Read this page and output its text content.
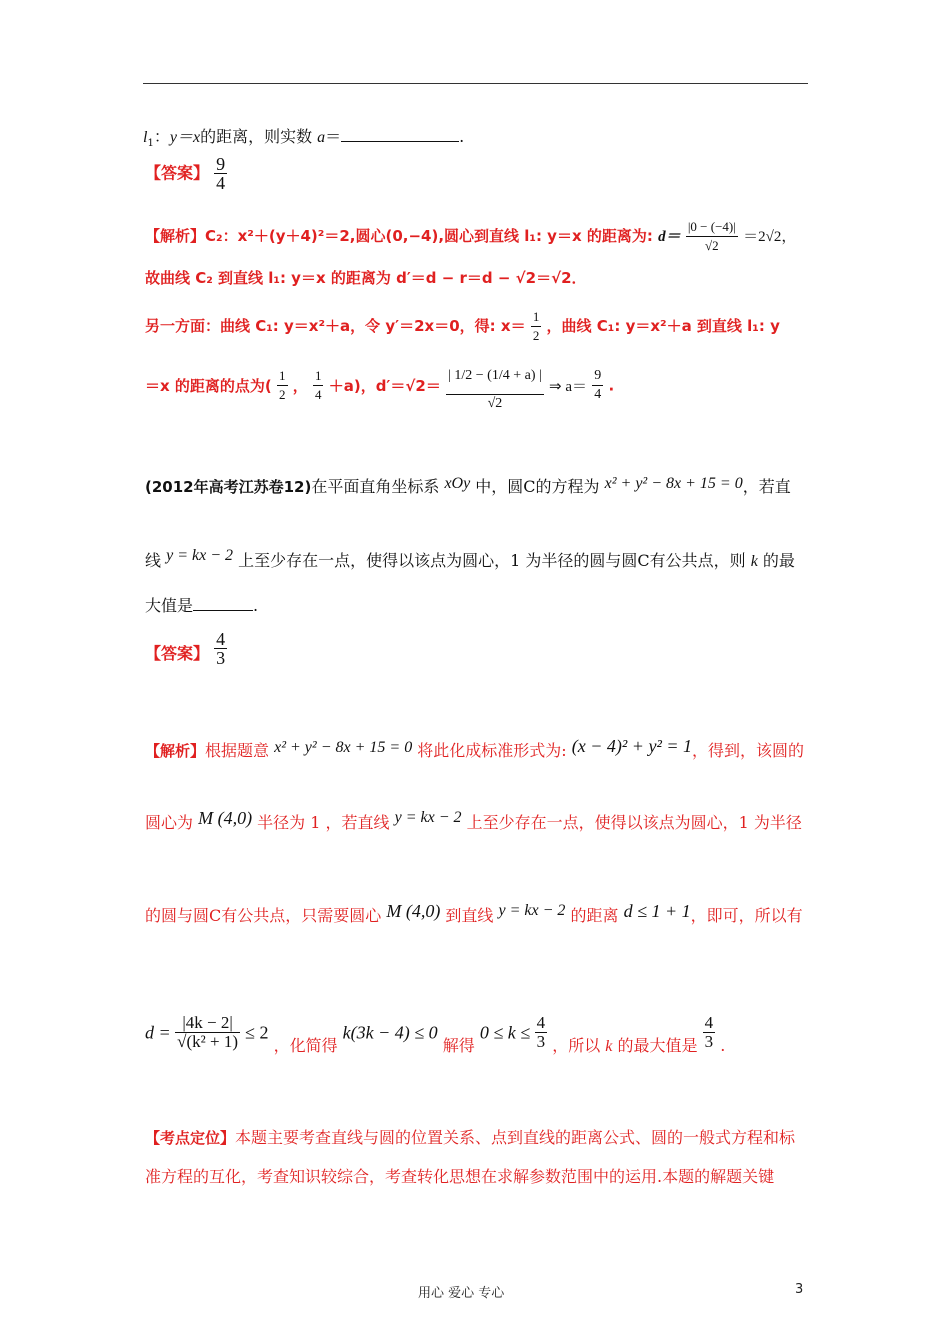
$l_1$：y＝x的距离，则实数 a＝	.
【答案】 $\frac{9}{4}$
【解析】C₂：x²＋(y＋4)²＝2,圆心(0,−4),圆心到直线 l₁: y＝x 的距离为: $d= \frac{|0 - (-4)|}{√2} =2√2$，
故曲线 C₂ 到直线 l₁: y＝x 的距离为 d′＝d − r＝d − √2＝√2．
另一方面：曲线 C₁: y＝x²＋a，令 y′＝2x＝0，得: $x= \frac{1}{2}$ ，曲线 C₁: y＝x²＋a 到直线 l₁: y
＝x 的距离的点为( $\frac{1}{2}$ ， $\frac{1}{4} +a$)，$d'=√2= \frac{| 1/2 - (1/4 + a) |}{√2}$ ⇒ $a= \frac{9}{4}$ .
(2012年高考江苏卷12)在平面直角坐标系 xOy 中，圆C的方程为 x² + y² − 8x + 15 = 0，若直
线 y = kx − 2 上至少存在一点，使得以该点为圆心，1 为半径的圆与圆C有公共点，则 k 的最
大值是	.
【答案】 $\frac{4}{3}$
【解析】根据题意 x² + y² − 8x + 15 = 0 将此化成标准形式为: (x − 4)² + y² = 1，得到，该圆的
圆心为 M (4,0) 半径为 1 ，若直线 y = kx − 2 上至少存在一点，使得以该点为圆心，1 为半径
的圆与圆C有公共点，只需要圆心 M (4,0) 到直线 y = kx − 2 的距离 d ≤ 1 + 1，即可，所以有
$d = \frac{|4k - 2|}{\text{√(k² + 1)}} \le 2$ ，化简得 k(3k − 4) ≤ 0 解得 $0 \le k \le \frac{4}{3}$ ，所以 k 的最大值是 $\frac{4}{3}$ .
【考点定位】本题主要考查直线与圆的位置关系、点到直线的距离公式、圆的一般式方程和标
准方程的互化，考查知识较综合，考查转化思想在求解参数范围中的运用.本题的解题关键
用心 爱心 专心	3
